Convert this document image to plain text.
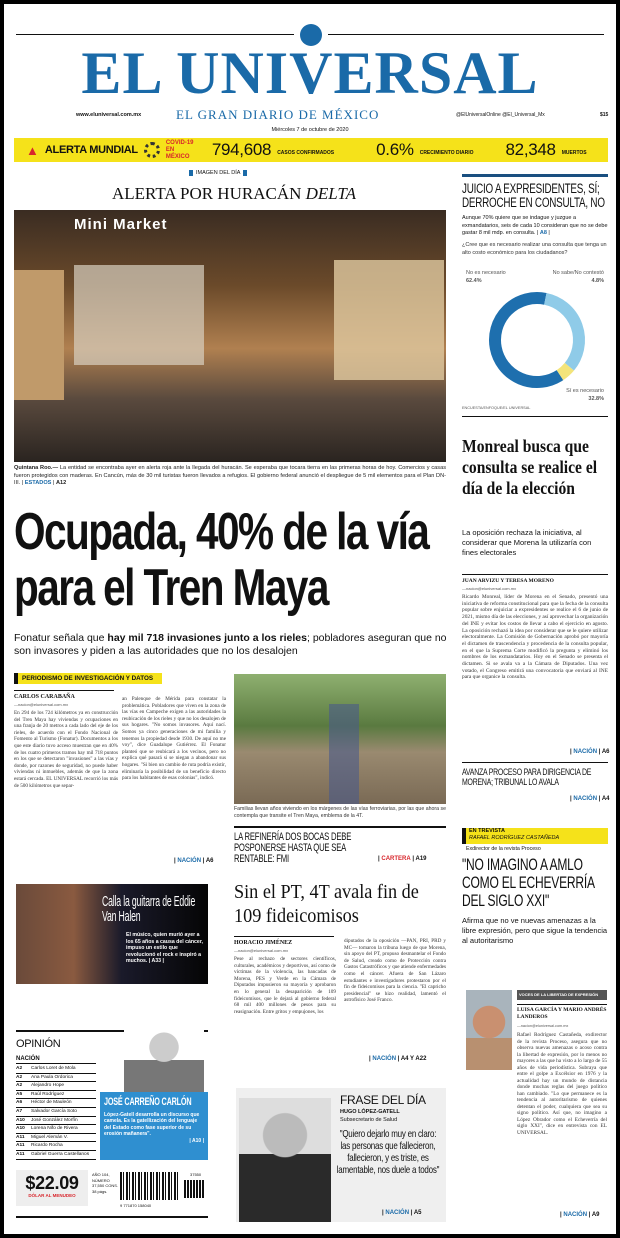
EL UNIVERSAL
www.eluniversal.com.mx	EL GRAN DIARIO DE MÉXICO	@ElUniversalOnline @El_Universal_Mx	$15
Miércoles 7 de octubre de 2020
▲ ALERTA MUNDIAL
COVID-19 EN MÉXICO	794,608 CASOS CONFIRMADOS 0.6% CRECIMIENTO DIARIO 82,348 MUERTOS
IMAGEN DEL DÍA
ALERTA POR HURACÁN DELTA
Mini Market
Quintana Roo.— La entidad se encontraba ayer en alerta roja ante la llegada del huracán. Se esperaba que tocara tierra en las primeras horas de hoy. Comercios y casas fueron protegidos con maderas. En Cancún, más de 30 mil turistas fueron llevados a refugios. El gobierno federal anunció el despliegue de 5 mil elementos para el Plan DN-III. | ESTADOS | A12
Ocupada, 40% de la vía
para el Tren Maya
Fonatur señala que hay mil 718 invasiones junto a los rieles; pobladores aseguran que no son invasores y piden a las autoridades que no los desalojen
PERIODISMO DE INVESTIGACIÓN Y DATOS
CARLOS CARABAÑA
—nacion@eluniversal.com.mx
En 294 de los 724 kilómetros ya en construcción del Tren Maya hay viviendas y ocupaciones en una franja de 20 metros a cada lado del eje de los rieles, de acuerdo con el Fondo Nacional de Fomento al Turismo (Fonatur). Documentos a los que este diario tuvo acceso muestran que en 40% de los cuatro primeros tramos hay mil 718 puntos en los que se detectaron "invasiones" a las vías y donde, por razones de seguridad, no puede haber viviendas ni inmuebles, además de que la zona estará cercada. EL UNIVERSAL recorrió los más de 500 kilómetros que separ-
an Palenque de Mérida para constatar la problemática. Pobladores que viven en la zona de las vías en Campeche exigen a las autoridades la reubicación de los rieles y que no los desalojen de sus hogares. "No somos invasores. Aquí nací. Somos ya cinco generaciones de mi familia y tenemos la propiedad desde 1930. De aquí no me voy", dice Guadalupe Gutiérrez. El Fonatur planteó que se reubicará a los vecinos, pero no explica qué pasará si se niegan a abandonar sus hogares. "Si bien un cambio de ruta podría existir, eliminaría la posibilidad de un beneficio directo para los habitantes de esas colonias", indicó.
| NACIÓN | A6
Familias llevan años viviendo en los márgenes de las vías ferroviarias, por las que ahora se contempla que transite el Tren Maya, emblema de la 4T.
LA REFINERÍA DOS BOCAS DEBE POSPONERSE HASTA QUE SEA RENTABLE: FMI	| CARTERA | A19
Sin el PT, 4T avala fin de 109 fideicomisos
HORACIO JIMÉNEZ
—nacion@eluniversal.com.mx
Pese al rechazo de sectores científicos, culturales, académicos y deportivos, así como de víctimas de la violencia, las bancadas de Morena, PES y Verde en la Cámara de Diputados impusieron su mayoría y aprobaron en lo general la desaparición de 109 fideicomisos, que le dejará al gobierno federal 68 mil 400 millones de pesos para su reasignación. Entre gritos y empujones, los
diputados de la oposición —PAN, PRI, PRD y MC— tomaron la tribuna luego de que Morena, sin apoyo del PT, propuso desmantelar el Fondo de Salud, creado como de Protección contra Gastos Catastróficos y que atiende enfermedades como el cáncer. Afuera de San Lázaro estudiantes e investigadores protestaron por el fin de fideicomisos para la ciencia. "El capricho presidencial" se hizo realidad, lamentó el astrofísico José Franco.
| NACIÓN | A4 Y A22
FRASE DEL DÍA
HUGO LÓPEZ-GATELL
Subsecretario de Salud
"Quiero dejarlo muy en claro: las personas que fallecieron, fallecieron, y es triste, es lamentable, nos duele a todos"
| NACIÓN | A5
Calla la guitarra de Eddie Van Halen
El músico, quien murió ayer a los 65 años a causa del cáncer, impuso un estilo que revolucionó el rock e inspiró a muchos. | A33 |
OPINIÓN
NACIÓN
A2	Carlos Loret de Mola
A2	Ana Paula Ordorica
A2	Alejandro Hope
A5	Raúl Rodríguez
A6	Héctor de Mauleón
A7	Salvador García Soto
A10	José González Morfín
A10	Lorena Nifo de Rivera
A11	Miguel Alemán V.
A11	Ricardo Rocha
A11	Gabriel Guerra Castellanos
JOSÉ CARREÑO CARLÓN
López-Gatell desarrolla un discurso que camela. Es la gatellización del lenguaje del Estado como fase superior de su erosión mañanera".
| A10 |
$22.09
DÓLAR AL MENUDEO
AÑO 104, NÚMERO 37,550 CONS. 38 págs.
9 771870 158040
37550
JUICIO A EXPRESIDENTES, SÍ; DERROCHE EN CONSULTA, NO
Aunque 70% quiere que se indague y juzgue a exmandatarios, seis de cada 10 consideran que no se debe gastar 8 mil mdp. en consulta. | A8 |
¿Cree que es necesario realizar una consulta que tenga un alto costo económico para los ciudadanos?
No es necesario
62.4%
No sabe/No contestó
4.8%
Sí es necesario
32.8%
ENCUESTA/ENFOQUE/EL UNIVERSAL
Monreal busca que consulta se realice el día de la elección
La oposición rechaza la iniciativa, al considerar que Morena la utilizaría con fines electorales
JUAN ARVIZU Y TERESA MORENO
—nacion@eluniversal.com.mx
Ricardo Monreal, líder de Morena en el Senado, presentó una iniciativa de reforma constitucional para que la fecha de la consulta popular sobre enjuiciar a expresidentes se realice el 6 de junio de 2021, mismo día de las elecciones, y así aprovechar la organización del INE y evitar los costos de llevar a cabo el ejercicio en agosto. La oposición rechazó la idea por considerar que se le quiere utilizar electoralmente. La Comisión de Gobernación aprobó por mayoría el dictamen de trascendencia y procedencia de la consulta popular, en el que la Suprema Corte modificó la pregunta y eliminó los nombres de los exmandatarios. Hoy en el Senado se presenta el dictamen. Si se avala va a la Cámara de Diputados. Una vez votado, el Congreso emitirá una convocatoria que enviará al INE para que organice la consulta.
| NACIÓN | A6
AVANZA PROCESO PARA DIRIGENCIA DE MORENA; TRIBUNAL LO AVALA
| NACIÓN | A4
EN TREVISTA
RAFAEL RODRÍGUEZ CASTAÑEDA
Exdirector de la revista Proceso
"NO IMAGINO A AMLO COMO EL ECHEVERRÍA DEL SIGLO XXI"
Afirma que no ve nuevas amenazas a la libre expresión, pero que sigue la tendencia al autoritarismo
VOCES DE LA LIBERTAD DE EXPRESIÓN
LUISA GARCÍA Y MARIO ANDRÉS LANDEROS
—nacion@eluniversal.com.mx
Rafael Rodríguez Castañeda, exdirector de la revista Proceso, asegura que no observa nuevas amenazas o acoso contra la libertad de expresión, por lo menos no mayores a las que ha visto a lo largo de 55 años de vida periodística. Subraya que entre el golpe a Excélsior en 1976 y la actualidad hay un mundo de distancia donde muchas reglas del juego político han cambiado. "Lo que permanece es la tendencia al autoritarismo de quienes detentan el poder, cualquiera que sea su signo político. Así que, no imagino a López Obrador como el Echeverría del siglo XXI", dice en entrevista con EL UNIVERSAL.
| NACIÓN | A9
